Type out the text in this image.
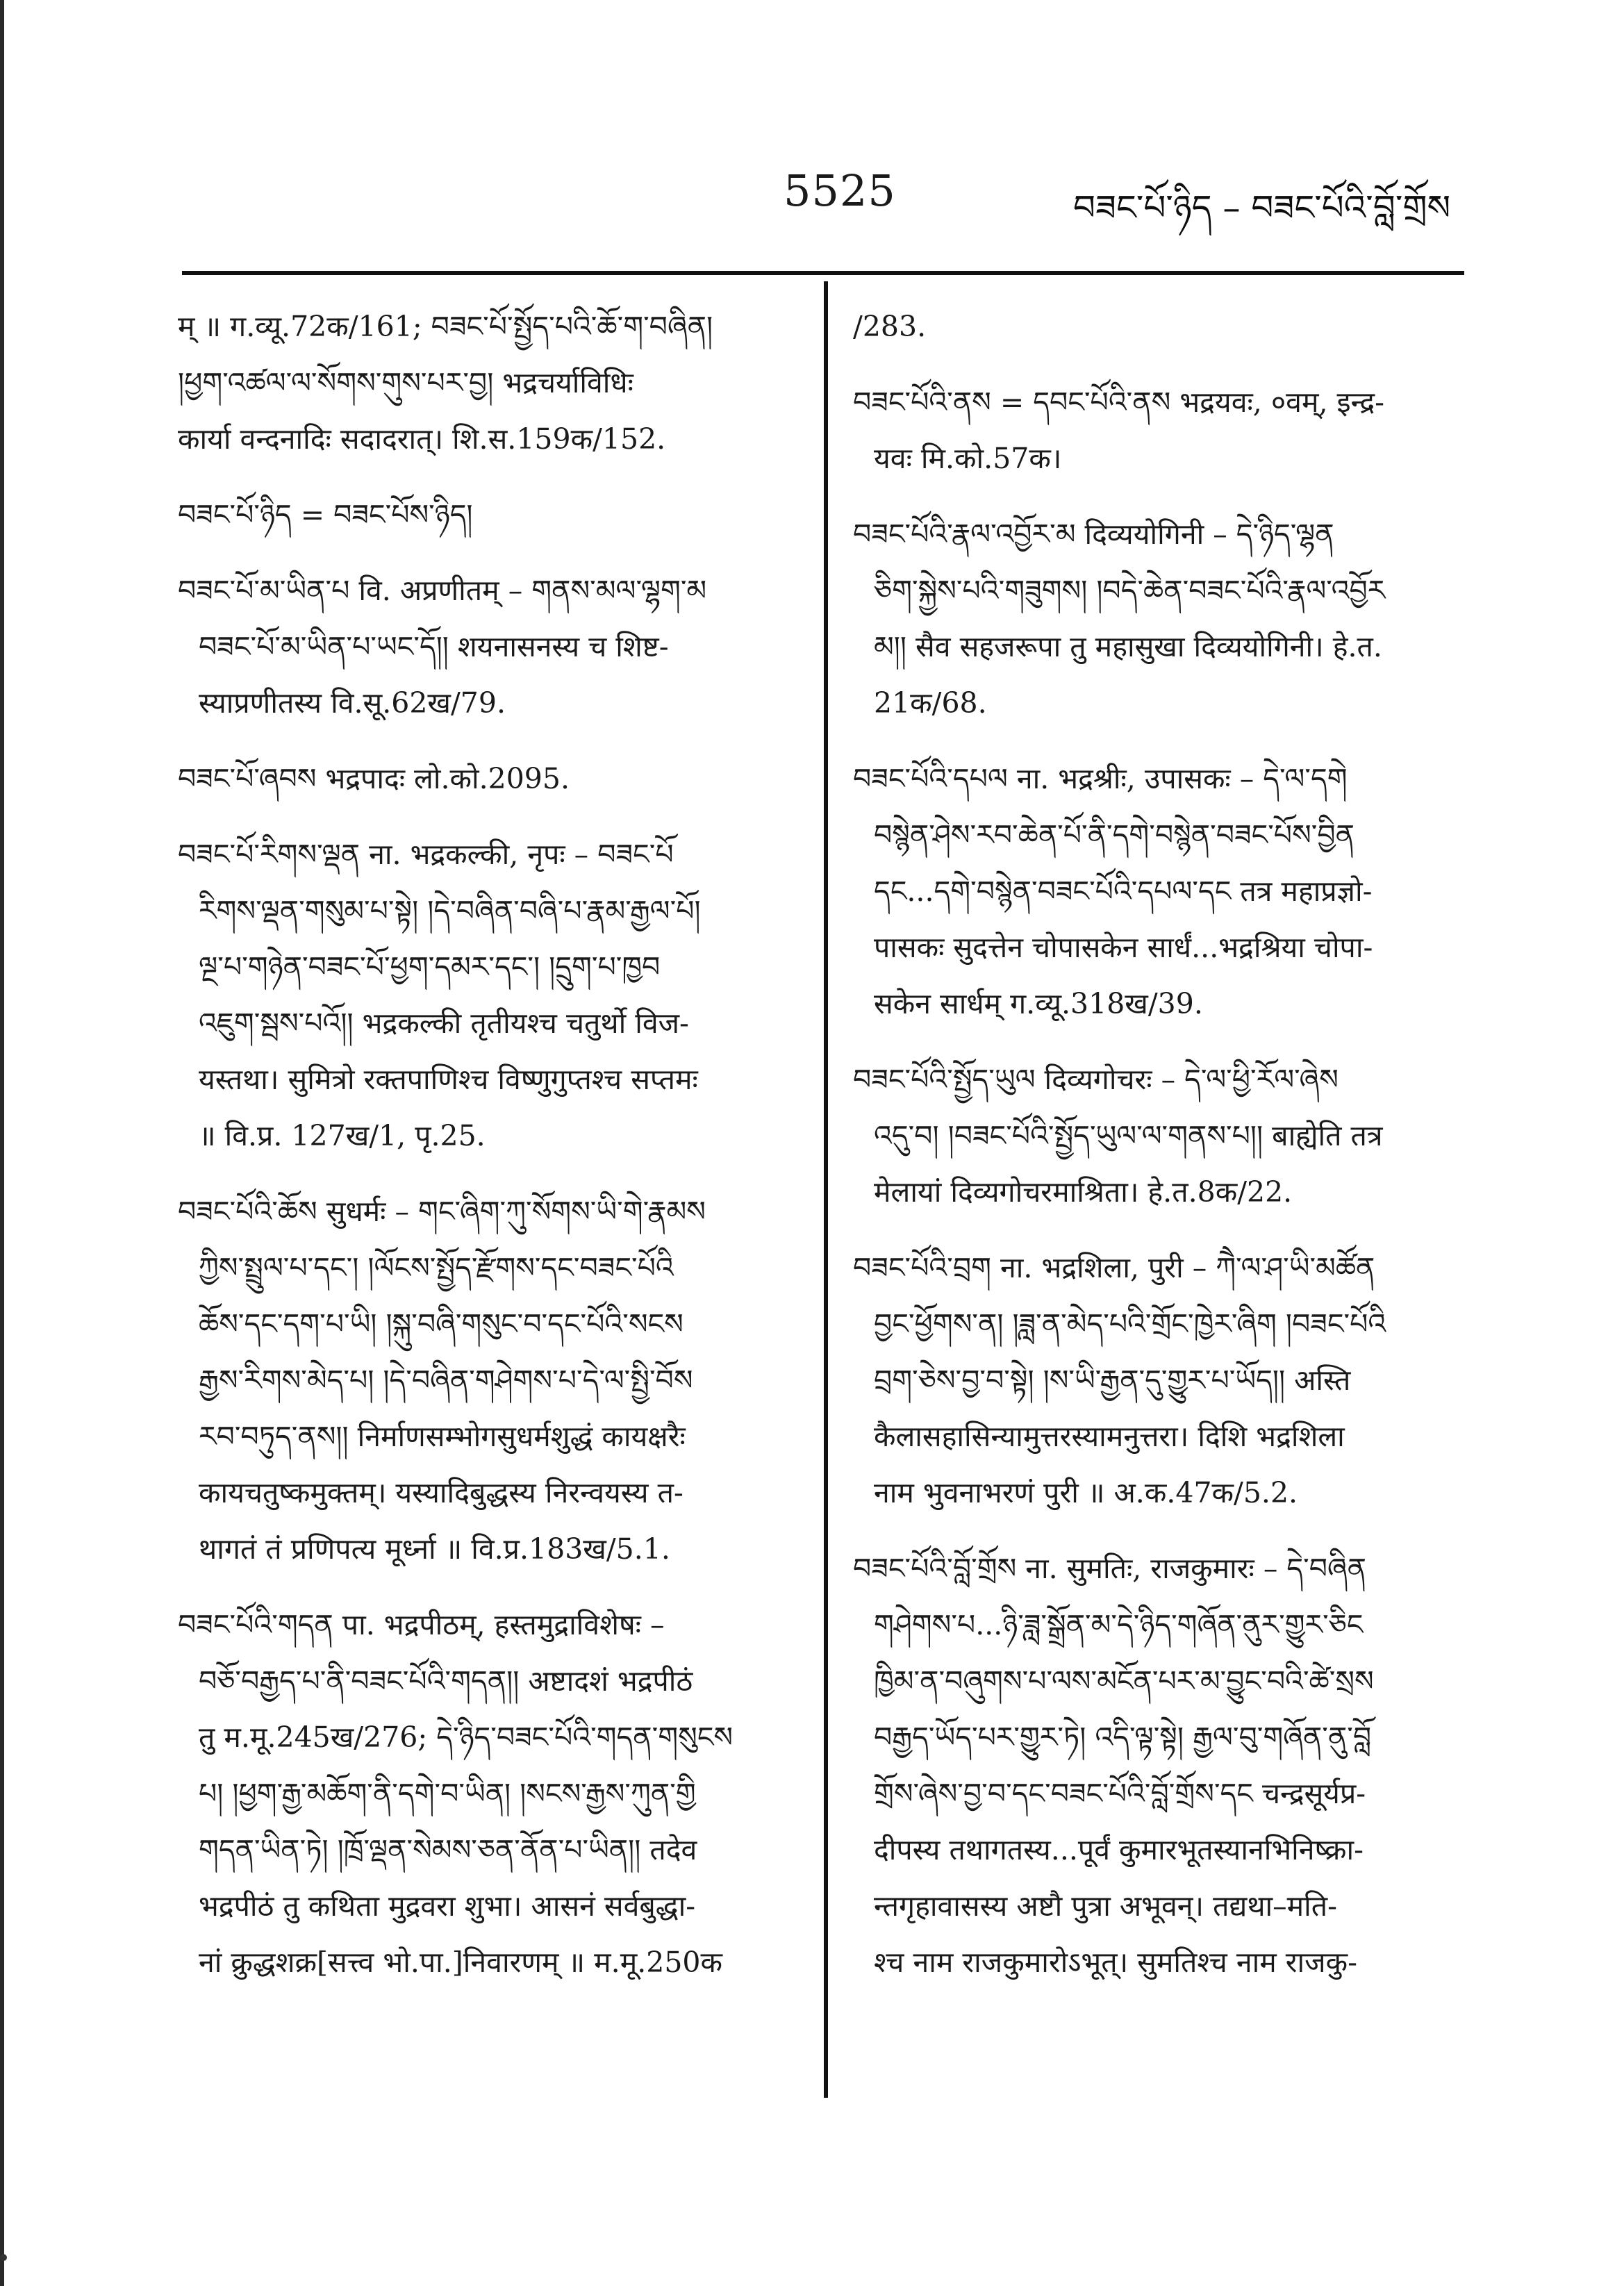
5525	བཟང་པོ་ཉིད – བཟང་པོའི་བློ་གྲོས

म् ॥ ग.व्यू.72क/161; བཟང་པོ་སྤྱོད་པའི་ཆོ་ག་བཞིན།

།ཕྱག་འཚལ་ལ་སོགས་གུས་པར་བྱ། भद्रचर्याविधिः

कार्या वन्दनादिः सदादरात्। शि.स.159क/152.

བཟང་པོ་ཉིད = བཟང་པོས་ཉིད།

བཟང་པོ་མ་ཡིན་པ वि. अप्रणीतम् – གནས་མལ་ལྷག་མ

བཟང་པོ་མ་ཡིན་པ་ཡང་དོ།། शयनासनस्य च शिष्ट-

स्याप्रणीतस्य वि.सू.62ख/79.

བཟང་པོ་ཞབས भद्रपादः लो.को.2095.

བཟང་པོ་རིགས་ལྡན ना. भद्रकल्की, नृपः – བཟང་པོ

རིགས་ལྡན་གསུམ་པ་སྟེ། །དེ་བཞིན་བཞི་པ་རྣམ་རྒྱལ་པོ།

ལྔ་པ་གཉེན་བཟང་པོ་ཕྱག་དམར་དང་། །དྲུག་པ་ཁྱབ

འཇུག་སྦས་པའོ།། भद्रकल्की तृतीयश्च चतुर्थो विज-

यस्तथा। सुमित्रो रक्तपाणिश्च विष्णुगुप्तश्च सप्तमः

॥ वि.प्र. 127ख/1, पृ.25.

བཟང་པོའི་ཆོས सुधर्मः – གང་ཞིག་ཀུ་སོགས་ཡི་གེ་རྣམས

ཀྱིས་སྤྲུལ་པ་དང་། །ལོངས་སྤྱོད་རྫོགས་དང་བཟང་པོའི

ཆོས་དང་དག་པ་ཡི། །སྐུ་བཞི་གསུང་བ་དང་པོའི་སངས

རྒྱས་རིགས་མེད་པ། །དེ་བཞིན་གཤེགས་པ་དེ་ལ་སྤྱི་བོས

རབ་བཏུད་ནས།། निर्माणसम्भोगसुधर्मशुद्धं कायक्षरैः

कायचतुष्कमुक्तम्। यस्यादिबुद्धस्य निरन्वयस्य त-

थागतं तं प्रणिपत्य मूर्ध्ना ॥ वि.प्र.183ख/5.1.

བཟང་པོའི་གདན पा. भद्रपीठम्, हस्तमुद्राविशेषः –

བཅོ་བརྒྱད་པ་ནི་བཟང་པོའི་གདན།། अष्टादशं भद्रपीठं

तु म.मू.245ख/276; དེ་ཉིད་བཟང་པོའི་གདན་གསུངས

པ། །ཕྱག་རྒྱ་མཆོག་ནི་དགེ་བ་ཡིན། །སངས་རྒྱས་ཀུན་གྱི

གདན་ཡིན་ཏེ། །ཁྲོ་ལྡན་སེམས་ཅན་ནོན་པ་ཡིན།། तदेव

भद्रपीठं तु कथिता मुद्रवरा शुभा। आसनं सर्वबुद्धा-

नां क्रुद्धशक्र[सत्त्व भो.पा.]निवारणम् ॥ म.मू.250क

/283.

བཟང་པོའི་ནས = དབང་པོའི་ནས भद्रयवः, ०वम्, इन्द्र-

यवः मि.को.57क।

བཟང་པོའི་རྣལ་འབྱོར་མ दिव्ययोगिनी – དེ་ཉིད་ལྷན

ཅིག་སྐྱེས་པའི་གཟུགས། །བདེ་ཆེན་བཟང་པོའི་རྣལ་འབྱོར

མ།། सैव सहजरूपा तु महासुखा दिव्ययोगिनी। हे.त.

21क/68.

བཟང་པོའི་དཔལ ना. भद्रश्रीः, उपासकः – དེ་ལ་དགེ

བསྙེན་ཤེས་རབ་ཆེན་པོ་ནི་དགེ་བསྙེན་བཟང་པོས་བྱིན

དང...དགེ་བསྙེན་བཟང་པོའི་དཔལ་དང तत्र महाप्रज्ञो-

पासकः सुदत्तेन चोपासकेन सार्धं...भद्रश्रिया चोपा-

सकेन सार्धम् ग.व्यू.318ख/39.

བཟང་པོའི་སྤྱོད་ཡུལ दिव्यगोचरः – དེ་ལ་ཕྱི་རོལ་ཞེས

འདུ་བ། །བཟང་པོའི་སྤྱོད་ཡུལ་ལ་གནས་པ།། बाह्येति तत्र

मेलायां दिव्यगोचरमाश्रिता। हे.त.8क/22.

བཟང་པོའི་བྲག ना. भद्रशिला, पुरी – ཀཻ་ལ་ཤ་ཡི་མཚོན

བྱང་ཕྱོགས་ན། །ཟླ་ན་མེད་པའི་གྲོང་ཁྱེར་ཞིག །བཟང་པོའི

བྲག་ཅེས་བྱ་བ་སྟེ། །ས་ཡི་རྒྱན་དུ་གྱུར་པ་ཡོད།། अस्ति

कैलासहासिन्यामुत्तरस्यामनुत्तरा। दिशि भद्रशिला

नाम भुवनाभरणं पुरी ॥ अ.क.47क/5.2.

བཟང་པོའི་བློ་གྲོས ना. सुमतिः, राजकुमारः – དེ་བཞིན

གཤེགས་པ...ཉི་ཟླ་སྒྲོན་མ་དེ་ཉིད་གཞོན་ནུར་གྱུར་ཅིང

ཁྱིམ་ན་བཞུགས་པ་ལས་མངོན་པར་མ་བྱུང་བའི་ཚེ་སྲས

བརྒྱད་ཡོད་པར་གྱུར་ཏེ། འདི་ལྟ་སྟེ། རྒྱལ་བུ་གཞོན་ནུ་བློ

གྲོས་ཞེས་བྱ་བ་དང་བཟང་པོའི་བློ་གྲོས་དང चन्द्रसूर्यप्र-

दीपस्य तथागतस्य...पूर्वं कुमारभूतस्यानभिनिष्क्रा-

न्तगृहावासस्य अष्टौ पुत्रा अभूवन्। तद्यथा–मति-

श्च नाम राजकुमारोऽभूत्। सुमतिश्च नाम राजकु-
